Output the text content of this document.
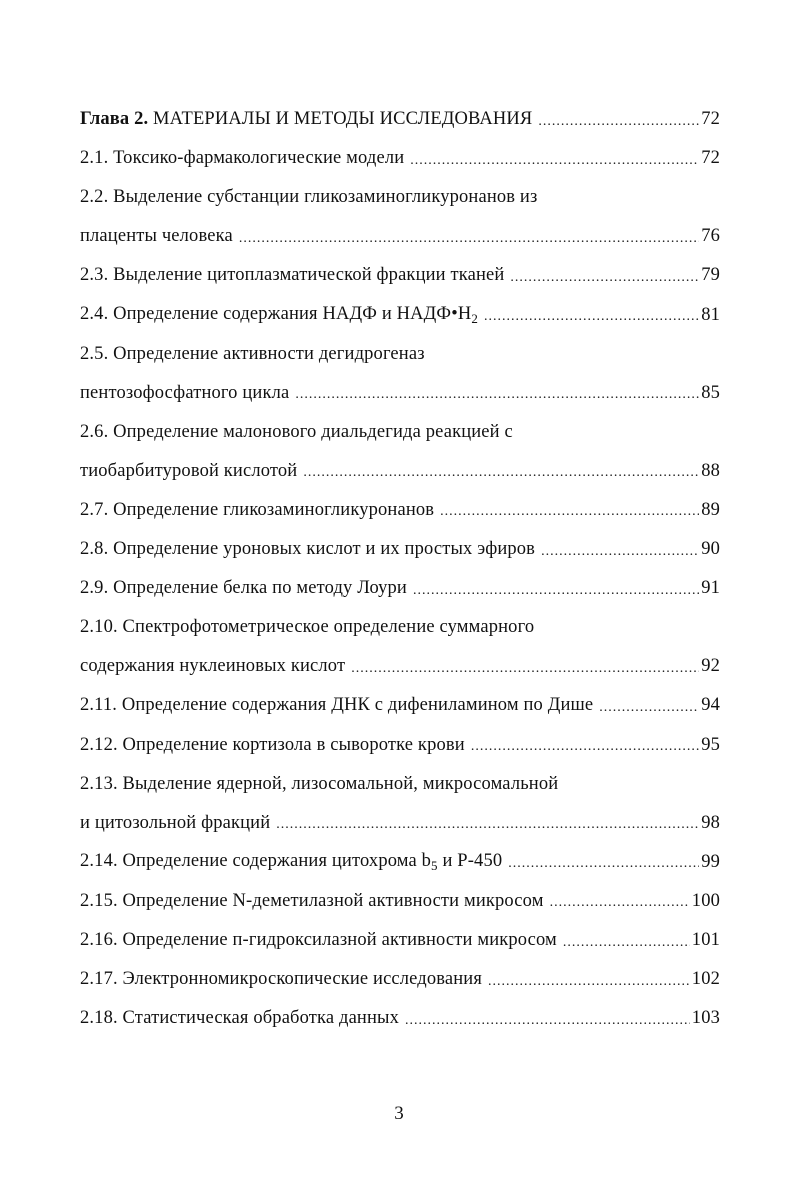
Глава 2. МАТЕРИАЛЫ И МЕТОДЫ ИССЛЕДОВАНИЯ .....	72
2.1. Токсико-фармакологические модели .....	72
2.2. Выделение субстанции гликозаминогликуронанов из
плаценты человека .....	76
2.3. Выделение цитоплазматической фракции тканей .....	79
2.4. Определение содержания НАДФ и $НАДФ•Н_2$ .....	81
2.5. Определение активности дегидрогеназ
пентозофосфатного цикла .....	85
2.6. Определение малонового диальдегида реакцией с
тиобарбитуровой кислотой .....	88
2.7. Определение гликозаминогликуронанов .....	89
2.8. Определение уроновых кислот и их простых эфиров .....	90
2.9. Определение белка по методу Лоури .....	91
2.10. Спектрофотометрическое определение суммарного
содержания нуклеиновых кислот .....	92
2.11. Определение содержания ДНК с дифениламином по Дише .....	94
2.12. Определение кортизола в сыворотке крови .....	95
2.13. Выделение ядерной, лизосомальной, микросомальной
и цитозольной фракций .....	98
2.14. Определение содержания цитохрома $b_5$ и Р-450 .....	99
2.15. Определение N-деметилазной активности микросом .....	100
2.16. Определение п-гидроксилазной активности микросом .....	101
2.17. Электронномикроскопические исследования .....	102
2.18. Статистическая обработка данных .....	103
3
